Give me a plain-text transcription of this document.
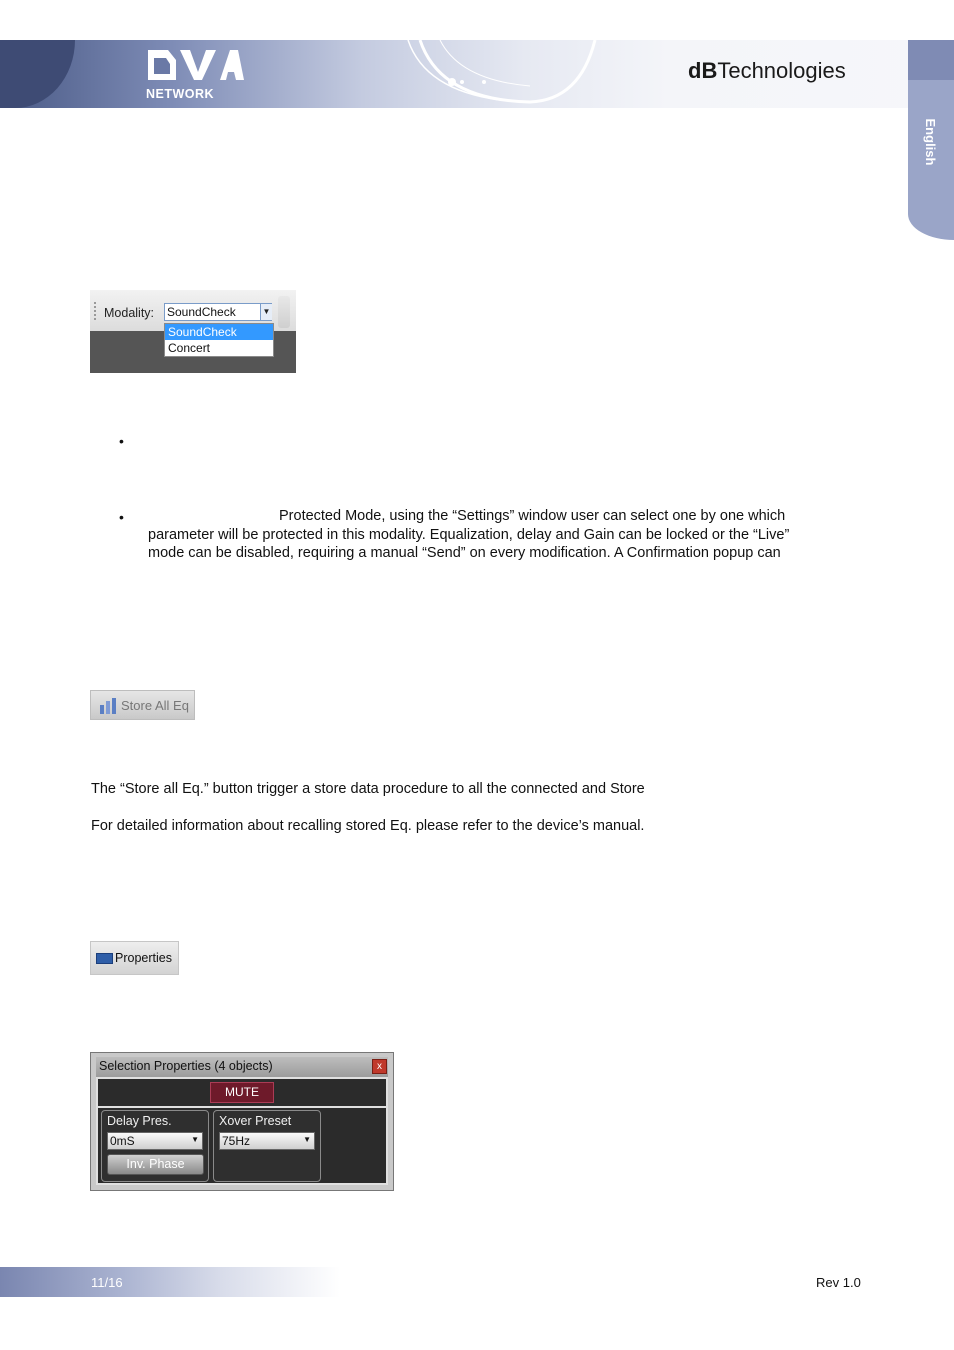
NETWORK
dBTechnologies
English
Modality: SoundCheck	▼
SoundCheck
Concert
•
•	Protected Mode, using the “Settings” window user can select one by one which
parameter will be protected in this modality. Equalization, delay and Gain can be locked or the “Live”
mode can be disabled, requiring a manual “Send” on every modification. A Confirmation popup can
Store All Eq
The “Store all Eq.” button trigger a store data procedure to all the connected and Store
For detailed information about recalling stored Eq. please refer to the device’s manual.
Properties
Selection Properties (4 objects)	x
MUTE
Delay Pres.
0mS	▼
Inv. Phase
Xover Preset
75Hz	▼
11/16	Rev 1.0
